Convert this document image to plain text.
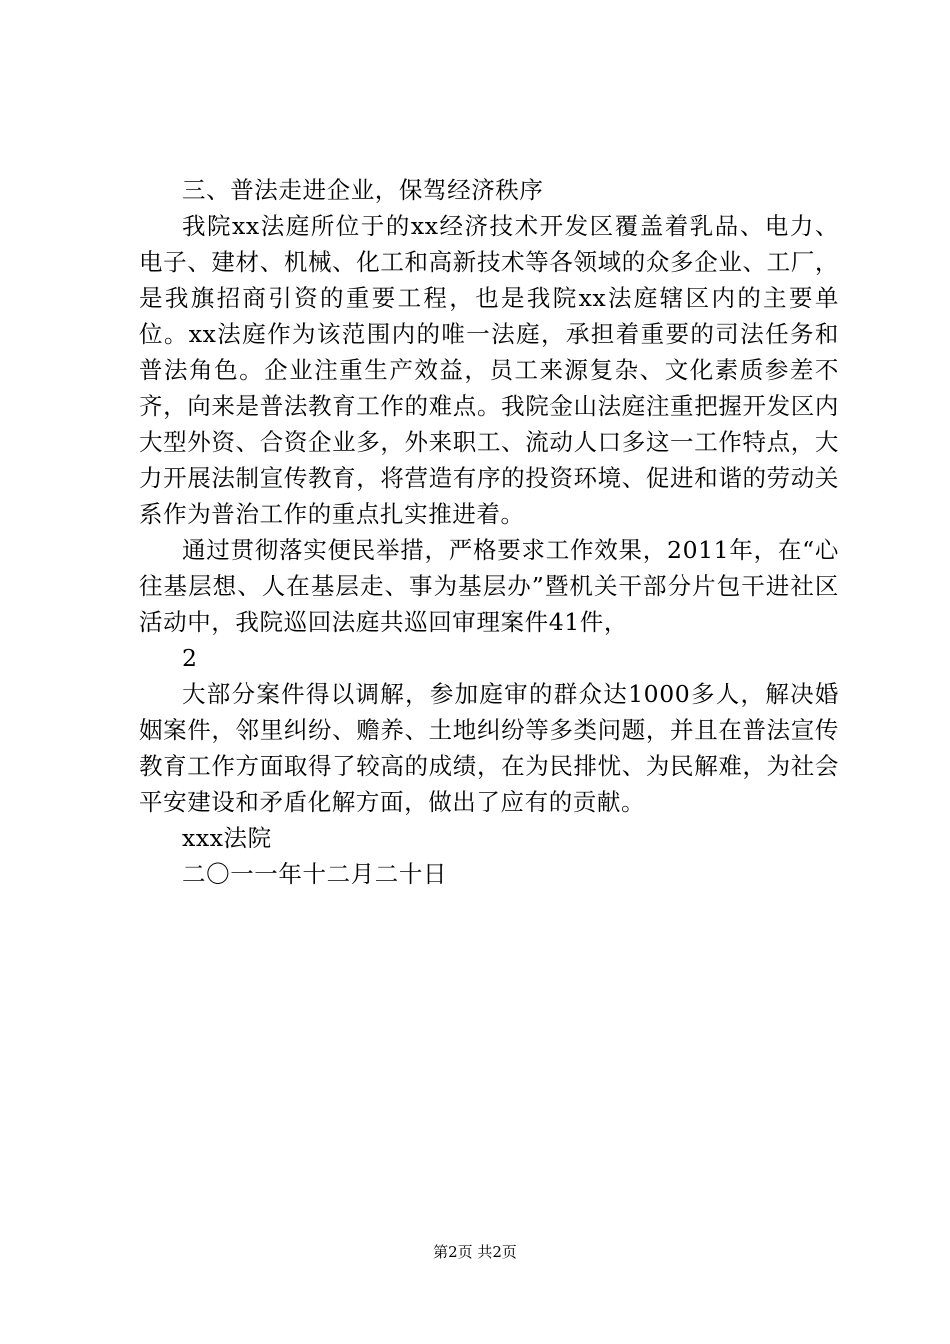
三、普法走进企业，保驾经济秩序

我院xx法庭所位于的xx经济技术开发区覆盖着乳品、电力、电子、建材、机械、化工和高新技术等各领域的众多企业、工厂，是我旗招商引资的重要工程，也是我院xx法庭辖区内的主要单位。xx法庭作为该范围内的唯一法庭，承担着重要的司法任务和普法角色。企业注重生产效益，员工来源复杂、文化素质参差不齐，向来是普法教育工作的难点。我院金山法庭注重把握开发区内大型外资、合资企业多，外来职工、流动人口多这一工作特点，大力开展法制宣传教育，将营造有序的投资环境、促进和谐的劳动关系作为普治工作的重点扎实推进着。

通过贯彻落实便民举措，严格要求工作效果，2011年，在“心往基层想、人在基层走、事为基层办”暨机关干部分片包干进社区活动中，我院巡回法庭共巡回审理案件41件，

2

大部分案件得以调解，参加庭审的群众达1000多人，解决婚姻案件，邻里纠纷、赡养、土地纠纷等多类问题，并且在普法宣传教育工作方面取得了较高的成绩，在为民排忧、为民解难，为社会平安建设和矛盾化解方面，做出了应有的贡献。

xxx法院

二〇一一年十二月二十日

第2页 共2页
